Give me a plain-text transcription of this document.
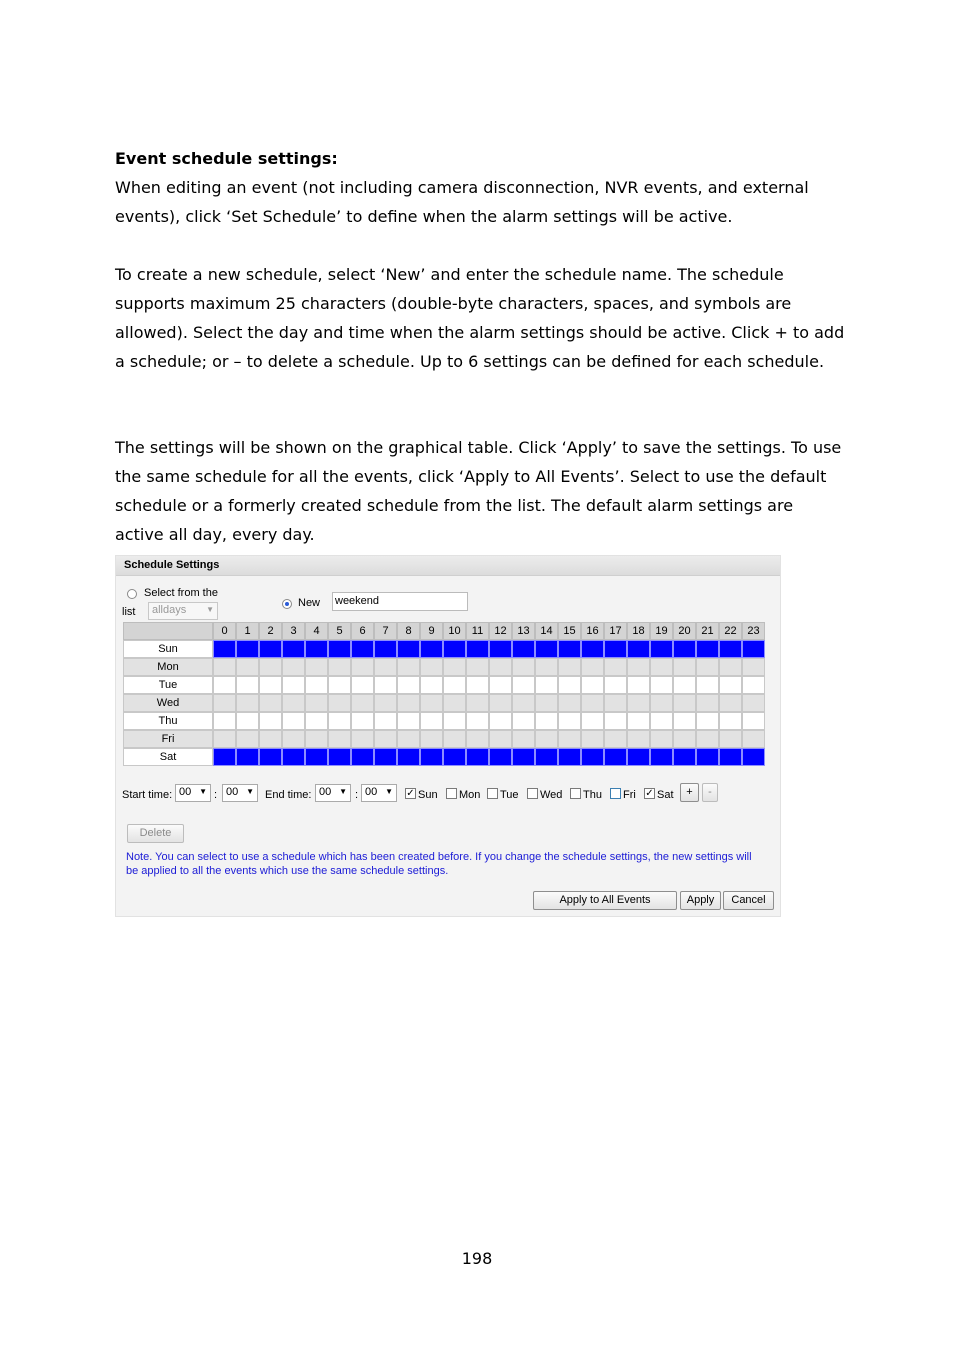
Event schedule settings:

When editing an event (not including camera disconnection, NVR events, and external events), click ‘Set Schedule’ to define when the alarm settings will be active.

To create a new schedule, select ‘New’ and enter the schedule name. The schedule supports maximum 25 characters (double-byte characters, spaces, and symbols are allowed). Select the day and time when the alarm settings should be active. Click + to add a schedule; or – to delete a schedule. Up to 6 settings can be defined for each schedule.

The settings will be shown on the graphical table. Click ‘Apply’ to save the settings. To use the same schedule for all the events, click ‘Apply to All Events’. Select to use the default schedule or a formerly created schedule from the list. The default alarm settings are active all day, every day.

Schedule Settings
Select from the
list	alldays ▼
New weekend
0	1	2	3	4	5	6	7	8	9	10	11	12 13 14 15 16 17 18 19 20 21 22 23
Sun
Mon
Tue
Wed
Thu
Fri
Sat
Start time: 00 ▼ : 00 ▼ End time: 00 ▼ : 00 ▼ ✓ Sun Mon Tue Wed Thu Fri ✓ Sat	+	-
Delete
Note. You can select to use a schedule which has been created before. If you change the schedule settings, the new settings will be applied to all the events which use the same schedule settings.
Apply to All Events	Apply	Cancel
198
